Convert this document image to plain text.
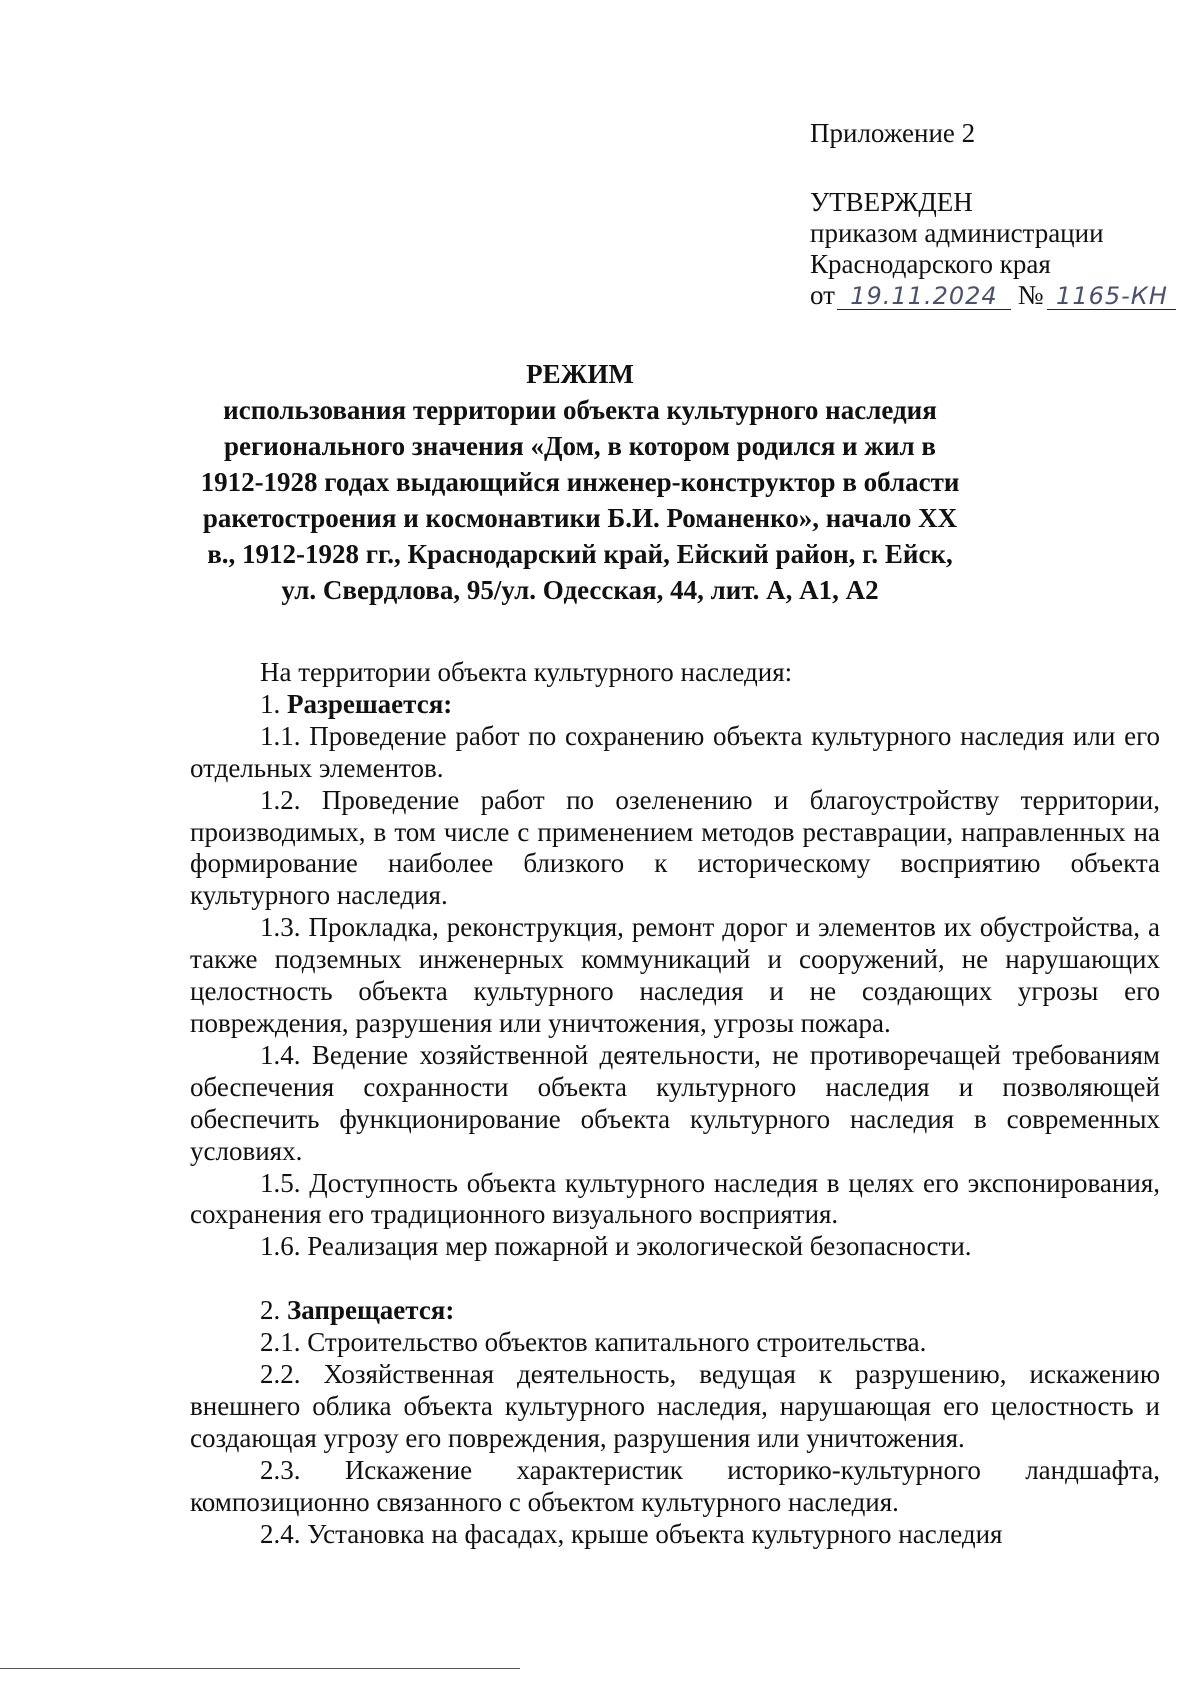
Приложение 2
УТВЕРЖДЕН
приказом администрации
Краснодарского края
от 19.11.2024 № 1165-КН
РЕЖИМ
использования территории объекта культурного наследия регионального значения «Дом, в котором родился и жил в 1912-1928 годах выдающийся инженер-конструктор в области ракетостроения и космонавтики Б.И. Романенко», начало XX в., 1912-1928 гг., Краснодарский край, Ейский район, г. Ейск, ул. Свердлова, 95/ул. Одесская, 44, лит. А, А1, А2

На территории объекта культурного наследия:

1. Разрешается:

1.1. Проведение работ по сохранению объекта культурного наследия или его отдельных элементов.

1.2. Проведение работ по озеленению и благоустройству территории, производимых, в том числе с применением методов реставрации, направленных на формирование наиболее близкого к историческому восприятию объекта культурного наследия.

1.3. Прокладка, реконструкция, ремонт дорог и элементов их обустройства, а также подземных инженерных коммуникаций и сооружений, не нарушающих целостность объекта культурного наследия и не создающих угрозы его повреждения, разрушения или уничтожения, угрозы пожара.

1.4. Ведение хозяйственной деятельности, не противоречащей требованиям обеспечения сохранности объекта культурного наследия и позволяющей обеспечить функционирование объекта культурного наследия в современных условиях.

1.5. Доступность объекта культурного наследия в целях его экспонирования, сохранения его традиционного визуального восприятия.

1.6. Реализация мер пожарной и экологической безопасности.

2. Запрещается:

2.1. Строительство объектов капитального строительства.

2.2. Хозяйственная деятельность, ведущая к разрушению, искажению внешнего облика объекта культурного наследия, нарушающая его целостность и создающая угрозу его повреждения, разрушения или уничтожения.

2.3. Искажение характеристик историко-культурного ландшафта, композиционно связанного с объектом культурного наследия.

2.4. Установка на фасадах, крыше объекта культурного наследия
